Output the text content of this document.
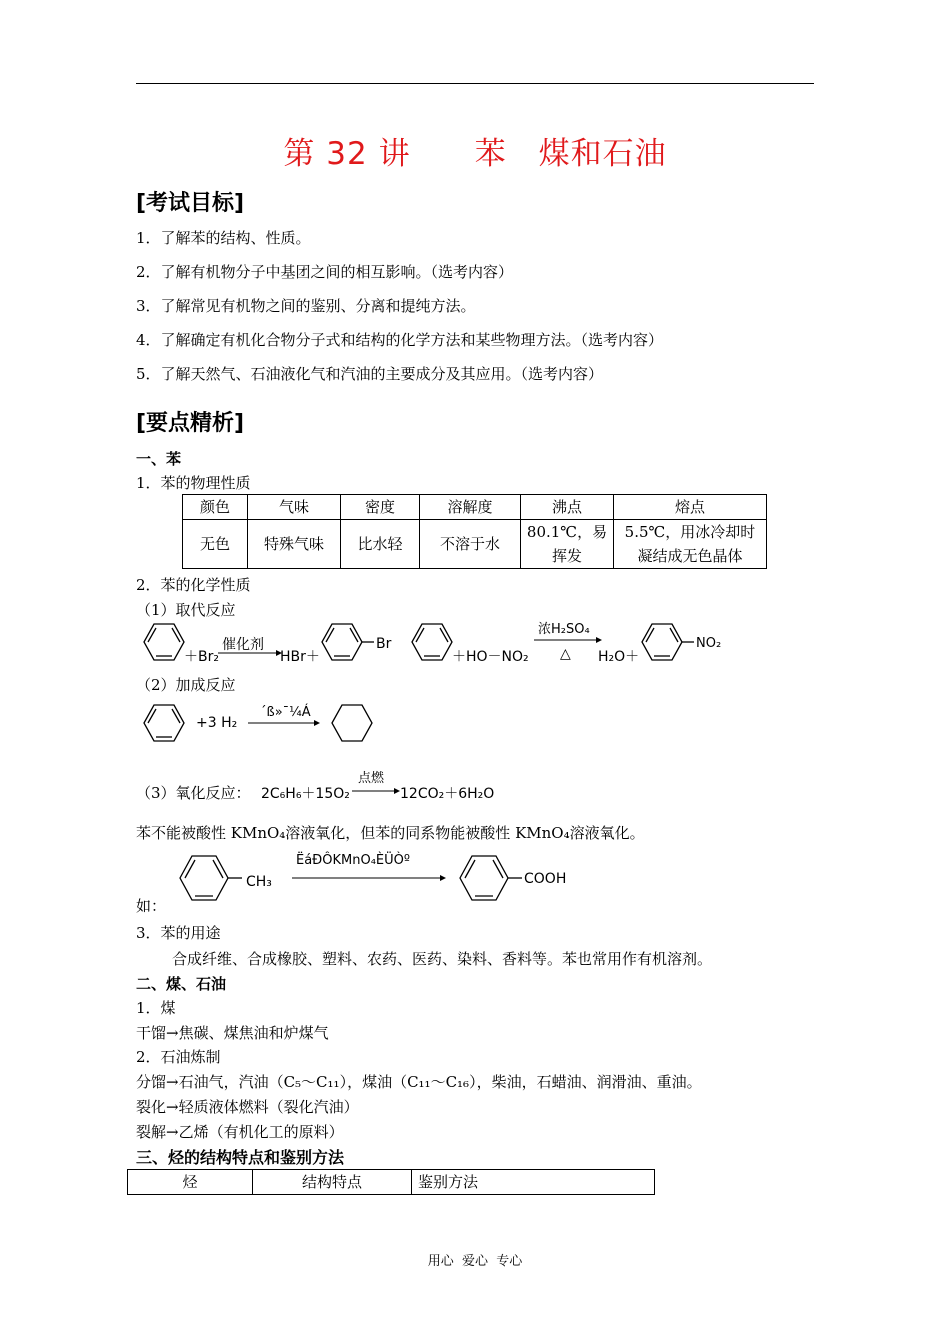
第 32 讲　　苯　煤和石油
[考试目标]
1．了解苯的结构、性质。
2．了解有机物分子中基团之间的相互影响。（选考内容）
3．了解常见有机物之间的鉴别、分离和提纯方法。
4．了解确定有机化合物分子式和结构的化学方法和某些物理方法。（选考内容）
5．了解天然气、石油液化气和汽油的主要成分及其应用。（选考内容）
[要点精析]
一、苯
1．苯的物理性质
颜色	气味	密度	溶解度	沸点	熔点
无色	特殊气味	比水轻	不溶于水	80.1℃，易挥发	5.5℃，用冰冷却时凝结成无色晶体
2．苯的化学性质
（1）取代反应
＋Br₂
催化剂
HBr＋
Br
＋HO－NO₂
浓H₂SO₄
△ H₂O＋
NO₂
（2）加成反应
+3 H₂
´ß»¯¼Á
（3）氧化反应： 2C₆H₆＋15O₂
点燃
→ 12CO₂＋6H₂O
苯不能被酸性 KMnO₄溶液氧化，但苯的同系物能被酸性 KMnO₄溶液氧化。
CH₃
ËáÐÔKMnO₄ÈÜÒº
COOH
如：
3．苯的用途
合成纤维、合成橡胶、塑料、农药、医药、染料、香料等。苯也常用作有机溶剂。
二、煤、石油
1．煤
干馏→焦碳、煤焦油和炉煤气
2．石油炼制
分馏→石油气，汽油（C₅～C₁₁），煤油（C₁₁～C₁₆），柴油，石蜡油、润滑油、重油。
裂化→轻质液体燃料（裂化汽油）
裂解→乙烯（有机化工的原料）
三、烃的结构特点和鉴别方法
烃	结构特点	鉴别方法
用心  爱心  专心
